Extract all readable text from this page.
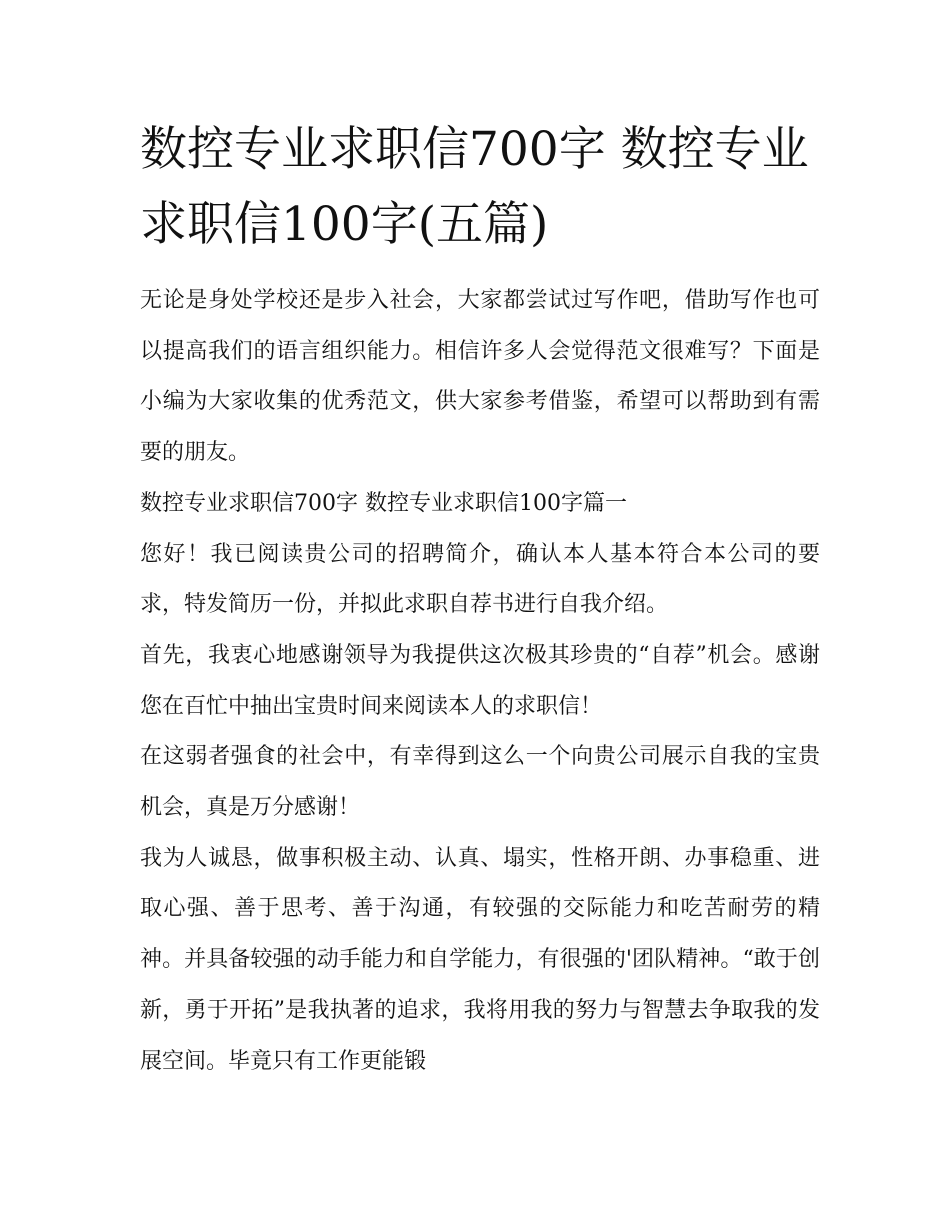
数控专业求职信700字 数控专业求职信100字(五篇)

无论是身处学校还是步入社会，大家都尝试过写作吧，借助写作也可以提高我们的语言组织能力。相信许多人会觉得范文很难写？下面是小编为大家收集的优秀范文，供大家参考借鉴，希望可以帮助到有需要的朋友。

数控专业求职信700字 数控专业求职信100字篇一

您好！我已阅读贵公司的招聘简介，确认本人基本符合本公司的要求，特发简历一份，并拟此求职自荐书进行自我介绍。

首先，我衷心地感谢领导为我提供这次极其珍贵的“自荐”机会。感谢您在百忙中抽出宝贵时间来阅读本人的求职信！

在这弱者强食的社会中，有幸得到这么一个向贵公司展示自我的宝贵机会，真是万分感谢！

我为人诚恳，做事积极主动、认真、塌实，性格开朗、办事稳重、进取心强、善于思考、善于沟通，有较强的交际能力和吃苦耐劳的精神。并具备较强的动手能力和自学能力，有很强的'团队精神。“敢于创新，勇于开拓”是我执著的追求，我将用我的努力与智慧去争取我的发展空间。毕竟只有工作更能锻
